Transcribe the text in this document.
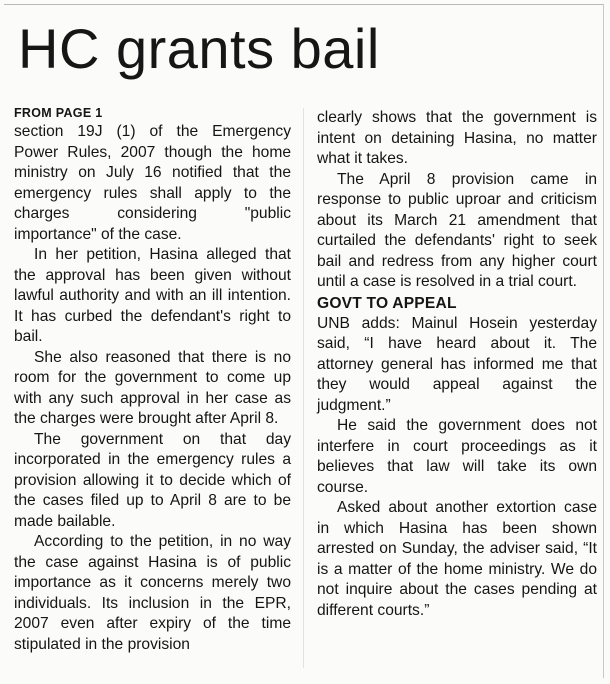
HC grants bail
FROM PAGE 1

section 19J (1) of the Emergency Power Rules, 2007 though the home ministry on July 16 notified that the emergency rules shall apply to the charges considering "public importance" of the case.

In her petition, Hasina alleged that the approval has been given without lawful authority and with an ill intention. It has curbed the defendant's right to bail.

She also reasoned that there is no room for the government to come up with any such approval in her case as the charges were brought after April 8.

The government on that day incorporated in the emergency rules a provision allowing it to decide which of the cases filed up to April 8 are to be made bailable.

According to the petition, in no way the case against Hasina is of public importance as it concerns merely two individuals. Its inclusion in the EPR, 2007 even after expiry of the time stipulated in the provision

clearly shows that the government is intent on detaining Hasina, no matter what it takes.

The April 8 provision came in response to public uproar and criticism about its March 21 amendment that curtailed the defendants' right to seek bail and redress from any higher court until a case is resolved in a trial court.

GOVT TO APPEAL

UNB adds: Mainul Hosein yesterday said, “I have heard about it. The attorney general has informed me that they would appeal against the judgment.”

He said the government does not interfere in court proceedings as it believes that law will take its own course.

Asked about another extortion case in which Hasina has been shown arrested on Sunday, the adviser said, “It is a matter of the home ministry. We do not inquire about the cases pending at different courts.”
